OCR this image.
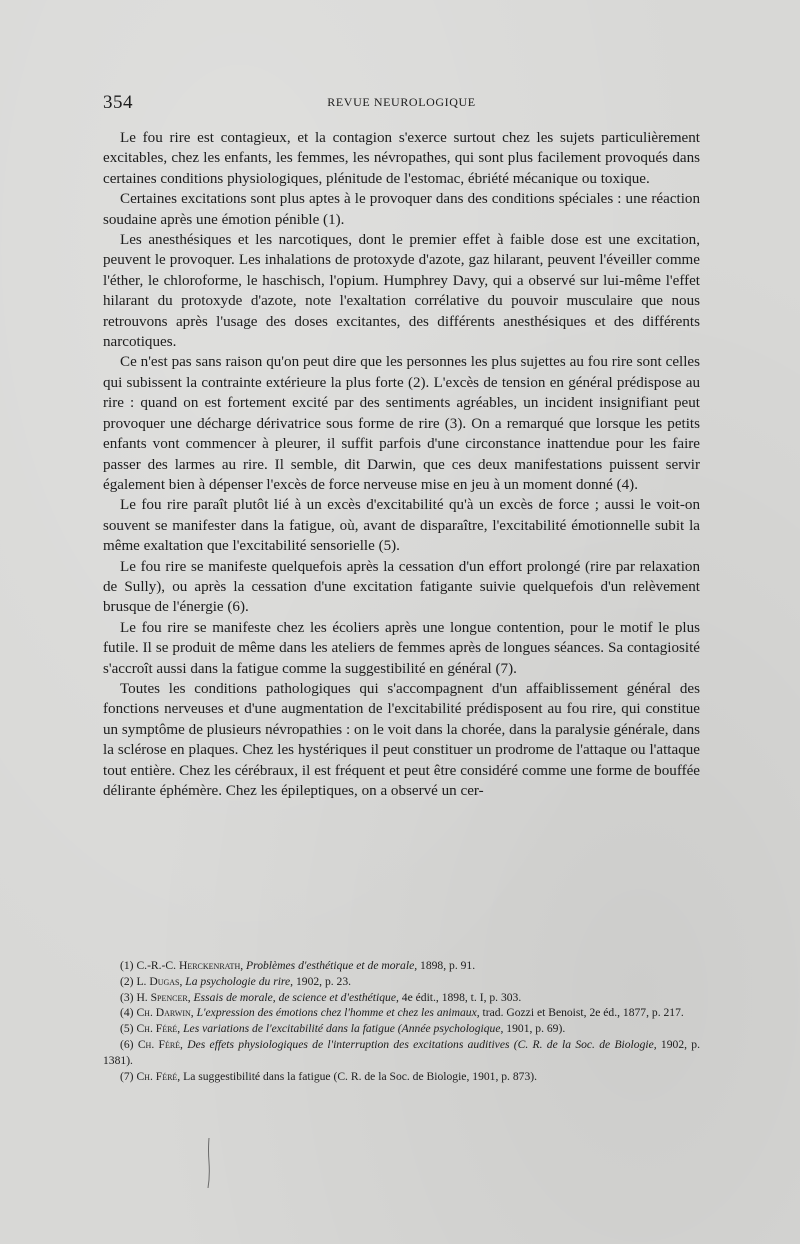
354	REVUE NEUROLOGIQUE

Le fou rire est contagieux, et la contagion s'exerce surtout chez les sujets particulièrement excitables, chez les enfants, les femmes, les névropathes, qui sont plus facilement provoqués dans certaines conditions physiologiques, plénitude de l'estomac, ébriété mécanique ou toxique.

Certaines excitations sont plus aptes à le provoquer dans des conditions spéciales : une réaction soudaine après une émotion pénible (1).

Les anesthésiques et les narcotiques, dont le premier effet à faible dose est une excitation, peuvent le provoquer. Les inhalations de protoxyde d'azote, gaz hilarant, peuvent l'éveiller comme l'éther, le chloroforme, le haschisch, l'opium. Humphrey Davy, qui a observé sur lui-même l'effet hilarant du protoxyde d'azote, note l'exaltation corrélative du pouvoir musculaire que nous retrouvons après l'usage des doses excitantes, des différents anesthésiques et des différents narcotiques.

Ce n'est pas sans raison qu'on peut dire que les personnes les plus sujettes au fou rire sont celles qui subissent la contrainte extérieure la plus forte (2). L'excès de tension en général prédispose au rire : quand on est fortement excité par des sentiments agréables, un incident insignifiant peut provoquer une décharge dérivatrice sous forme de rire (3). On a remarqué que lorsque les petits enfants vont commencer à pleurer, il suffit parfois d'une circonstance inattendue pour les faire passer des larmes au rire. Il semble, dit Darwin, que ces deux manifestations puissent servir également bien à dépenser l'excès de force nerveuse mise en jeu à un moment donné (4).

Le fou rire paraît plutôt lié à un excès d'excitabilité qu'à un excès de force ; aussi le voit-on souvent se manifester dans la fatigue, où, avant de disparaître, l'excitabilité émotionnelle subit la même exaltation que l'excitabilité sensorielle (5).

Le fou rire se manifeste quelquefois après la cessation d'un effort prolongé (rire par relaxation de Sully), ou après la cessation d'une excitation fatigante suivie quelquefois d'un relèvement brusque de l'énergie (6).

Le fou rire se manifeste chez les écoliers après une longue contention, pour le motif le plus futile. Il se produit de même dans les ateliers de femmes après de longues séances. Sa contagiosité s'accroît aussi dans la fatigue comme la suggestibilité en général (7).

Toutes les conditions pathologiques qui s'accompagnent d'un affaiblissement général des fonctions nerveuses et d'une augmentation de l'excitabilité prédisposent au fou rire, qui constitue un symptôme de plusieurs névropathies : on le voit dans la chorée, dans la paralysie générale, dans la sclérose en plaques. Chez les hystériques il peut constituer un prodrome de l'attaque ou l'attaque tout entière. Chez les cérébraux, il est fréquent et peut être considéré comme une forme de bouffée délirante éphémère. Chez les épileptiques, on a observé un cer-

(1) C.-R.-C. Herckenrath, Problèmes d'esthétique et de morale, 1898, p. 91.

(2) L. Dugas, La psychologie du rire, 1902, p. 23.

(3) H. Spencer, Essais de morale, de science et d'esthétique, 4e édit., 1898, t. I, p. 303.

(4) Ch. Darwin, L'expression des émotions chez l'homme et chez les animaux, trad. Gozzi et Benoist, 2e éd., 1877, p. 217.

(5) Ch. Féré, Les variations de l'excitabilité dans la fatigue (Année psychologique, 1901, p. 69).

(6) Ch. Féré, Des effets physiologiques de l'interruption des excitations auditives (C. R. de la Soc. de Biologie, 1902, p. 1381).

(7) Ch. Féré, La suggestibilité dans la fatigue (C. R. de la Soc. de Biologie, 1901, p. 873).
